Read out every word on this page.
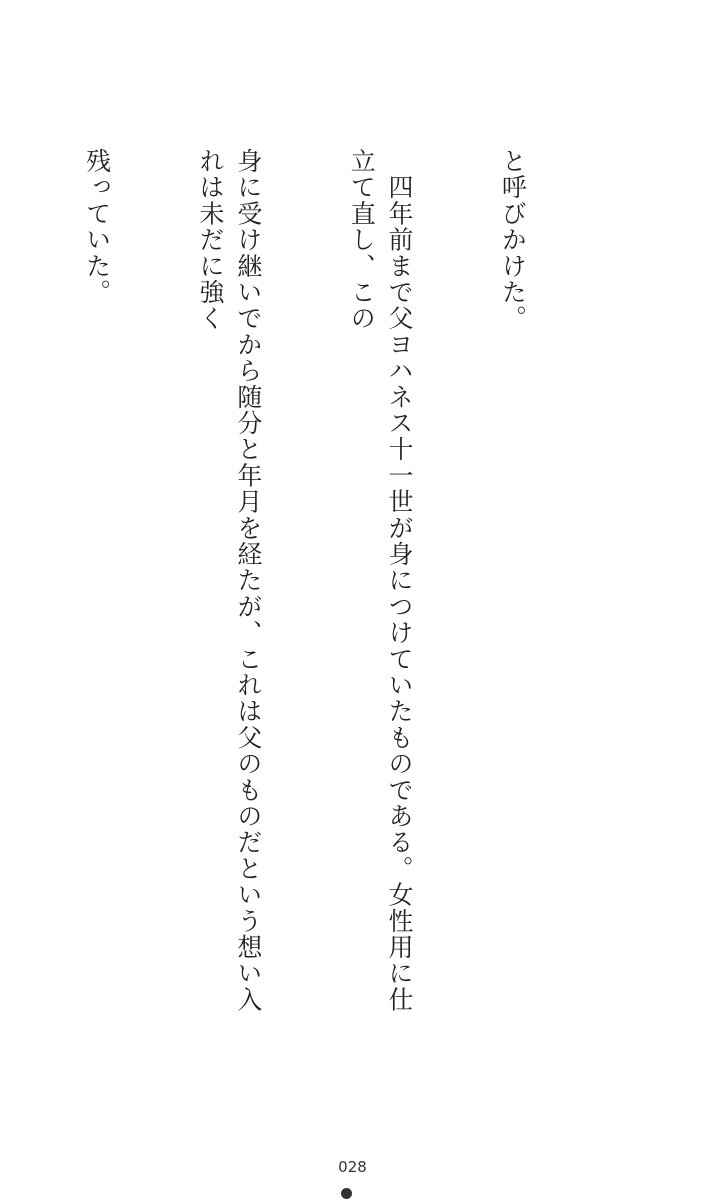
と呼びかけた。

　四年前まで父ヨハネス十一世が身につけていたものである。女性用に仕立て直し、この

身に受け継いでから随分と年月を経たが、これは父のものだという想い入れは未だに強く

残っていた。

028
